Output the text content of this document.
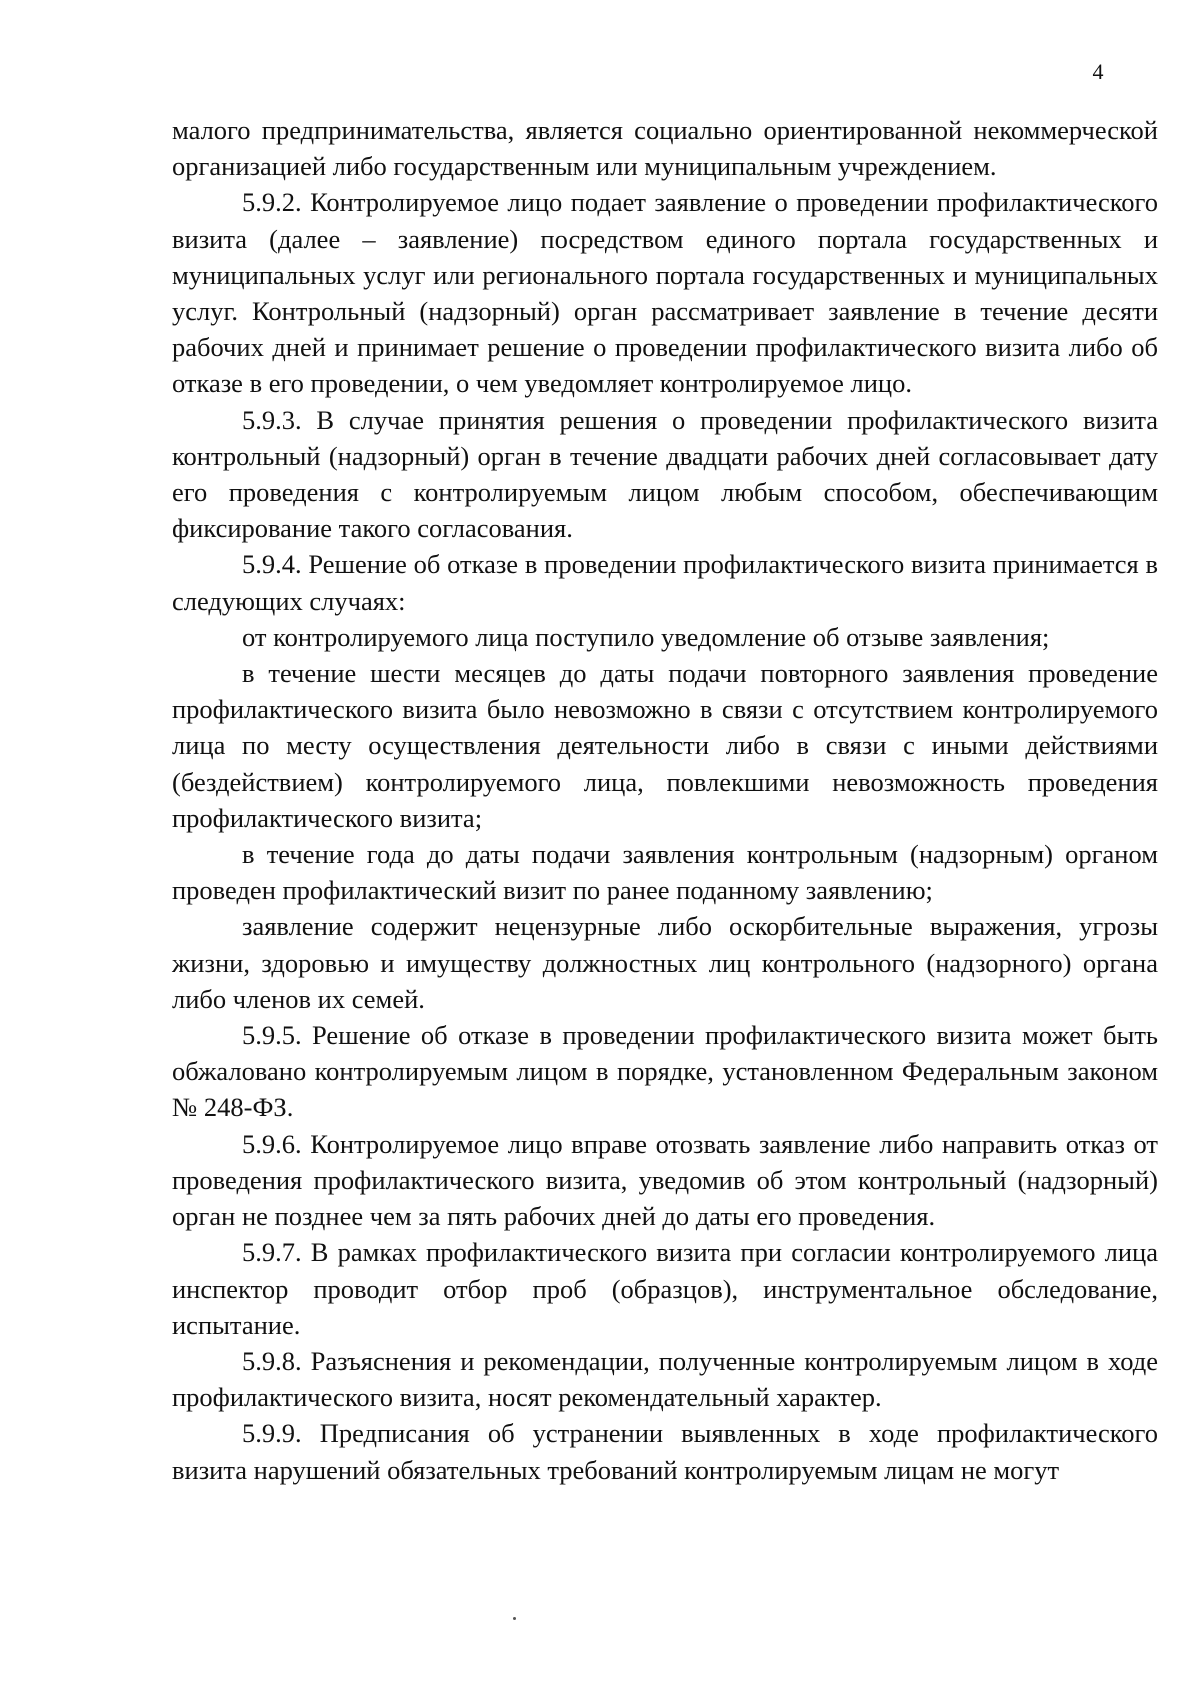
4

малого предпринимательства, является социально ориентированной некоммерческой организацией либо государственным или муниципальным учреждением.

5.9.2. Контролируемое лицо подает заявление о проведении профилактического визита (далее – заявление) посредством единого портала государственных и муниципальных услуг или регионального портала государственных и муниципальных услуг. Контрольный (надзорный) орган рассматривает заявление в течение десяти рабочих дней и принимает решение о проведении профилактического визита либо об отказе в его проведении, о чем уведомляет контролируемое лицо.

5.9.3. В случае принятия решения о проведении профилактического визита контрольный (надзорный) орган в течение двадцати рабочих дней согласовывает дату его проведения с контролируемым лицом любым способом, обеспечивающим фиксирование такого согласования.

5.9.4. Решение об отказе в проведении профилактического визита принимается в следующих случаях:

от контролируемого лица поступило уведомление об отзыве заявления;

в течение шести месяцев до даты подачи повторного заявления проведение профилактического визита было невозможно в связи с отсутствием контролируемого лица по месту осуществления деятельности либо в связи с иными действиями (бездействием) контролируемого лица, повлекшими невозможность проведения профилактического визита;

в течение года до даты подачи заявления контрольным (надзорным) органом проведен профилактический визит по ранее поданному заявлению;

заявление содержит нецензурные либо оскорбительные выражения, угрозы жизни, здоровью и имуществу должностных лиц контрольного (надзорного) органа либо членов их семей.

5.9.5. Решение об отказе в проведении профилактического визита может быть обжаловано контролируемым лицом в порядке, установленном Федеральным законом № 248-ФЗ.

5.9.6. Контролируемое лицо вправе отозвать заявление либо направить отказ от проведения профилактического визита, уведомив об этом контрольный (надзорный) орган не позднее чем за пять рабочих дней до даты его проведения.

5.9.7. В рамках профилактического визита при согласии контролируемого лица инспектор проводит отбор проб (образцов), инструментальное обследование, испытание.

5.9.8. Разъяснения и рекомендации, полученные контролируемым лицом в ходе профилактического визита, носят рекомендательный характер.

5.9.9. Предписания об устранении выявленных в ходе профилактического визита нарушений обязательных требований контролируемым лицам не могут
